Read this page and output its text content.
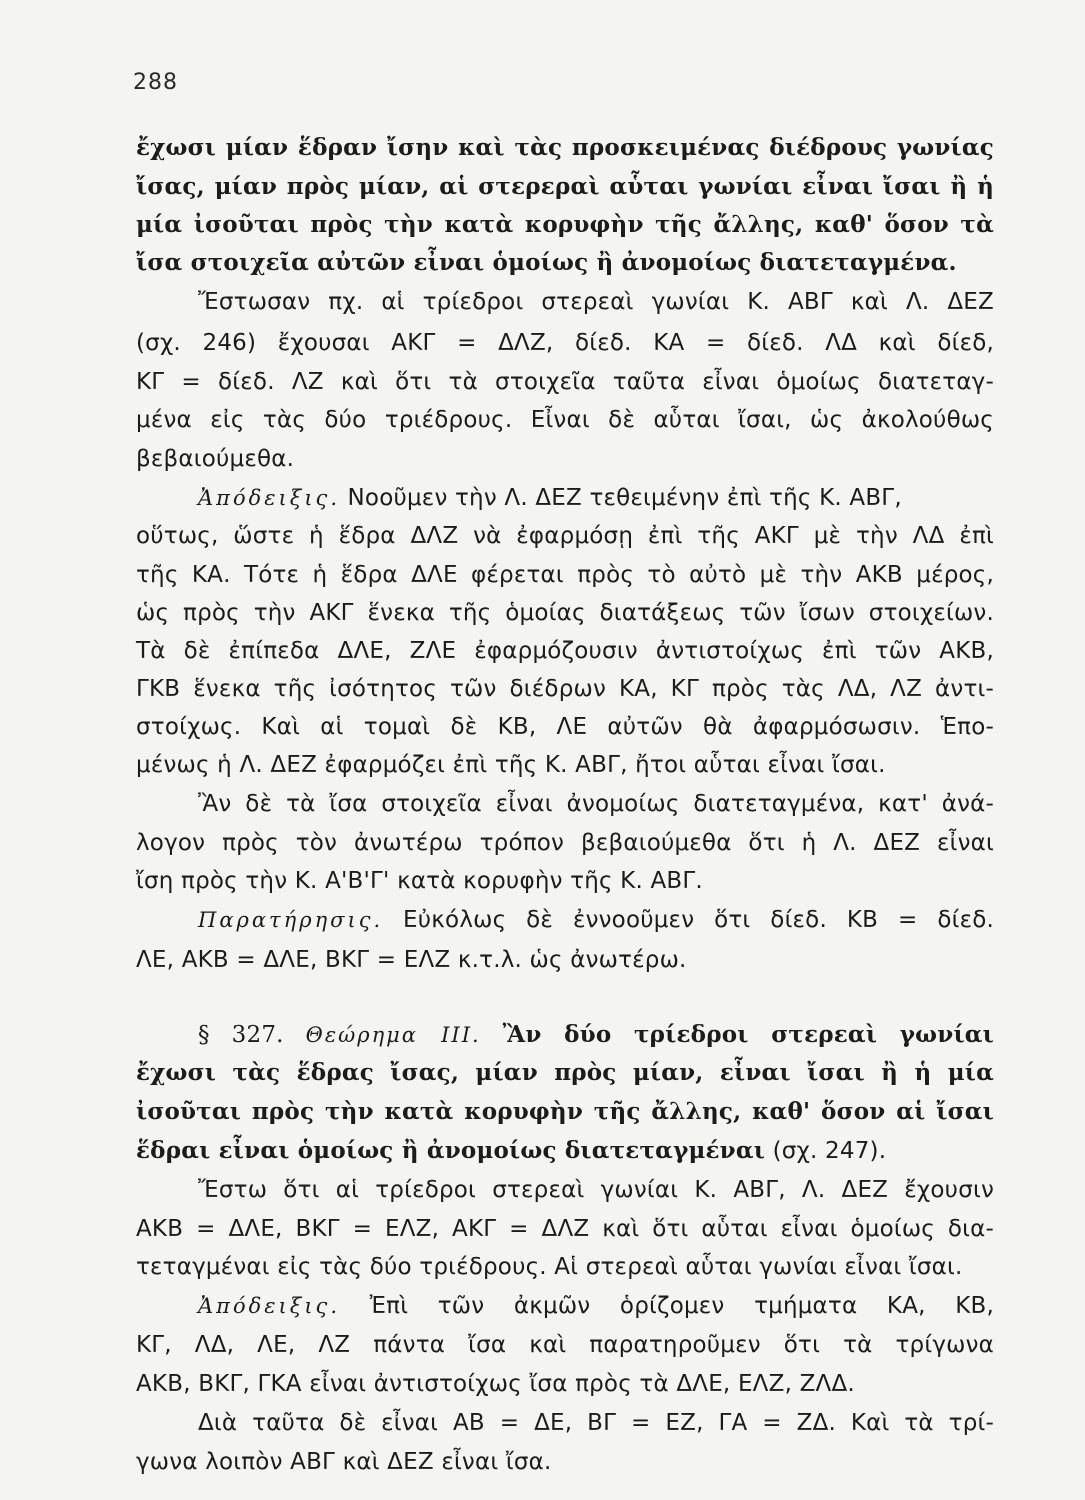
288
ἔχωσι μίαν ἕδραν ἴσην καὶ τὰς προσκειμένας διέδρους γωνίας
ἴσας, μίαν πρὸς μίαν, αἱ στερεραὶ αὗται γωνίαι εἶναι ἴσαι ἢ ἡ
μία ἰσοῦται πρὸς τὴν κατὰ κορυφὴν τῆς ἄλλης, καθ' ὅσον τὰ
ἴσα στοιχεῖα αὐτῶν εἶναι ὁμοίως ἢ ἀνομοίως διατεταγμένα.
Ἔστωσαν πχ. αἱ τρίεδροι στερεαὶ γωνίαι Κ. ΑΒΓ καὶ Λ. ΔΕΖ
(σχ. 246) ἔχουσαι ΑΚΓ = ΔΛΖ, δίεδ. ΚΑ = δίεδ. ΛΔ καὶ δίεδ,
ΚΓ = δίεδ. ΛΖ καὶ ὅτι τὰ στοιχεῖα ταῦτα εἶναι ὁμοίως διατεταγ-
μένα εἰς τὰς δύο τριέδρους. Εἶναι δὲ αὗται ἴσαι, ὡς ἀκολούθως
βεβαιούμεθα.
Ἀπόδειξις. Νοοῦμεν τὴν Λ. ΔΕΖ τεθειμένην ἐπὶ τῆς Κ. ΑΒΓ,
οὕτως, ὥστε ἡ ἕδρα ΔΛΖ νὰ ἐφαρμόσῃ ἐπὶ τῆς ΑΚΓ μὲ τὴν ΛΔ ἐπὶ
τῆς ΚΑ. Τότε ἡ ἕδρα ΔΛΕ φέρεται πρὸς τὸ αὐτὸ μὲ τὴν ΑΚΒ μέρος,
ὡς πρὸς τὴν ΑΚΓ ἕνεκα τῆς ὁμοίας διατάξεως τῶν ἴσων στοιχείων.
Τὰ δὲ ἐπίπεδα ΔΛΕ, ΖΛΕ ἐφαρμόζουσιν ἀντιστοίχως ἐπὶ τῶν ΑΚΒ,
ΓΚΒ ἕνεκα τῆς ἰσότητος τῶν διέδρων ΚΑ, ΚΓ πρὸς τὰς ΛΔ, ΛΖ ἀντι-
στοίχως. Καὶ αἱ τομαὶ δὲ ΚΒ, ΛΕ αὐτῶν θὰ ἀφαρμόσωσιν. Ἑπο-
μένως ἡ Λ. ΔΕΖ ἐφαρμόζει ἐπὶ τῆς Κ. ΑΒΓ, ἤτοι αὗται εἶναι ἴσαι.
Ἂν δὲ τὰ ἴσα στοιχεῖα εἶναι ἀνομοίως διατεταγμένα, κατ' ἀνά-
λογον πρὸς τὸν ἀνωτέρω τρόπον βεβαιούμεθα ὅτι ἡ Λ. ΔΕΖ εἶναι
ἴση πρὸς τὴν Κ. Α'Β'Γ' κατὰ κορυφὴν τῆς Κ. ΑΒΓ.
Παρατήρησις. Εὐκόλως δὲ ἐννοοῦμεν ὅτι δίεδ. ΚΒ = δίεδ.
ΛΕ, ΑΚΒ = ΔΛΕ, ΒΚΓ = ΕΛΖ κ.τ.λ. ὡς ἀνωτέρω.
§ 327. Θεώρημα ΙΙΙ. Ἂν δύο τρίεδροι στερεαὶ γωνίαι
ἔχωσι τὰς ἕδρας ἴσας, μίαν πρὸς μίαν, εἶναι ἴσαι ἢ ἡ μία
ἰσοῦται πρὸς τὴν κατὰ κορυφὴν τῆς ἄλλης, καθ' ὅσον αἱ ἴσαι
ἕδραι εἶναι ὁμοίως ἢ ἀνομοίως διατεταγμέναι (σχ. 247).
Ἔστω ὅτι αἱ τρίεδροι στερεαὶ γωνίαι Κ. ΑΒΓ, Λ. ΔΕΖ ἔχουσιν
ΑΚΒ = ΔΛΕ, ΒΚΓ = ΕΛΖ, ΑΚΓ = ΔΛΖ καὶ ὅτι αὗται εἶναι ὁμοίως δια-
τεταγμέναι εἰς τὰς δύο τριέδρους. Αἱ στερεαὶ αὗται γωνίαι εἶναι ἴσαι.
Ἀπόδειξις. Ἐπὶ τῶν ἀκμῶν ὁρίζομεν τμήματα ΚΑ, ΚΒ,
ΚΓ, ΛΔ, ΛΕ, ΛΖ πάντα ἴσα καὶ παρατηροῦμεν ὅτι τὰ τρίγωνα
ΑΚΒ, ΒΚΓ, ΓΚΑ εἶναι ἀντιστοίχως ἴσα πρὸς τὰ ΔΛΕ, ΕΛΖ, ΖΛΔ.
Διὰ ταῦτα δὲ εἶναι ΑΒ = ΔΕ, ΒΓ = ΕΖ, ΓΑ = ΖΔ. Καὶ τὰ τρί-
γωνα λοιπὸν ΑΒΓ καὶ ΔΕΖ εἶναι ἴσα.
